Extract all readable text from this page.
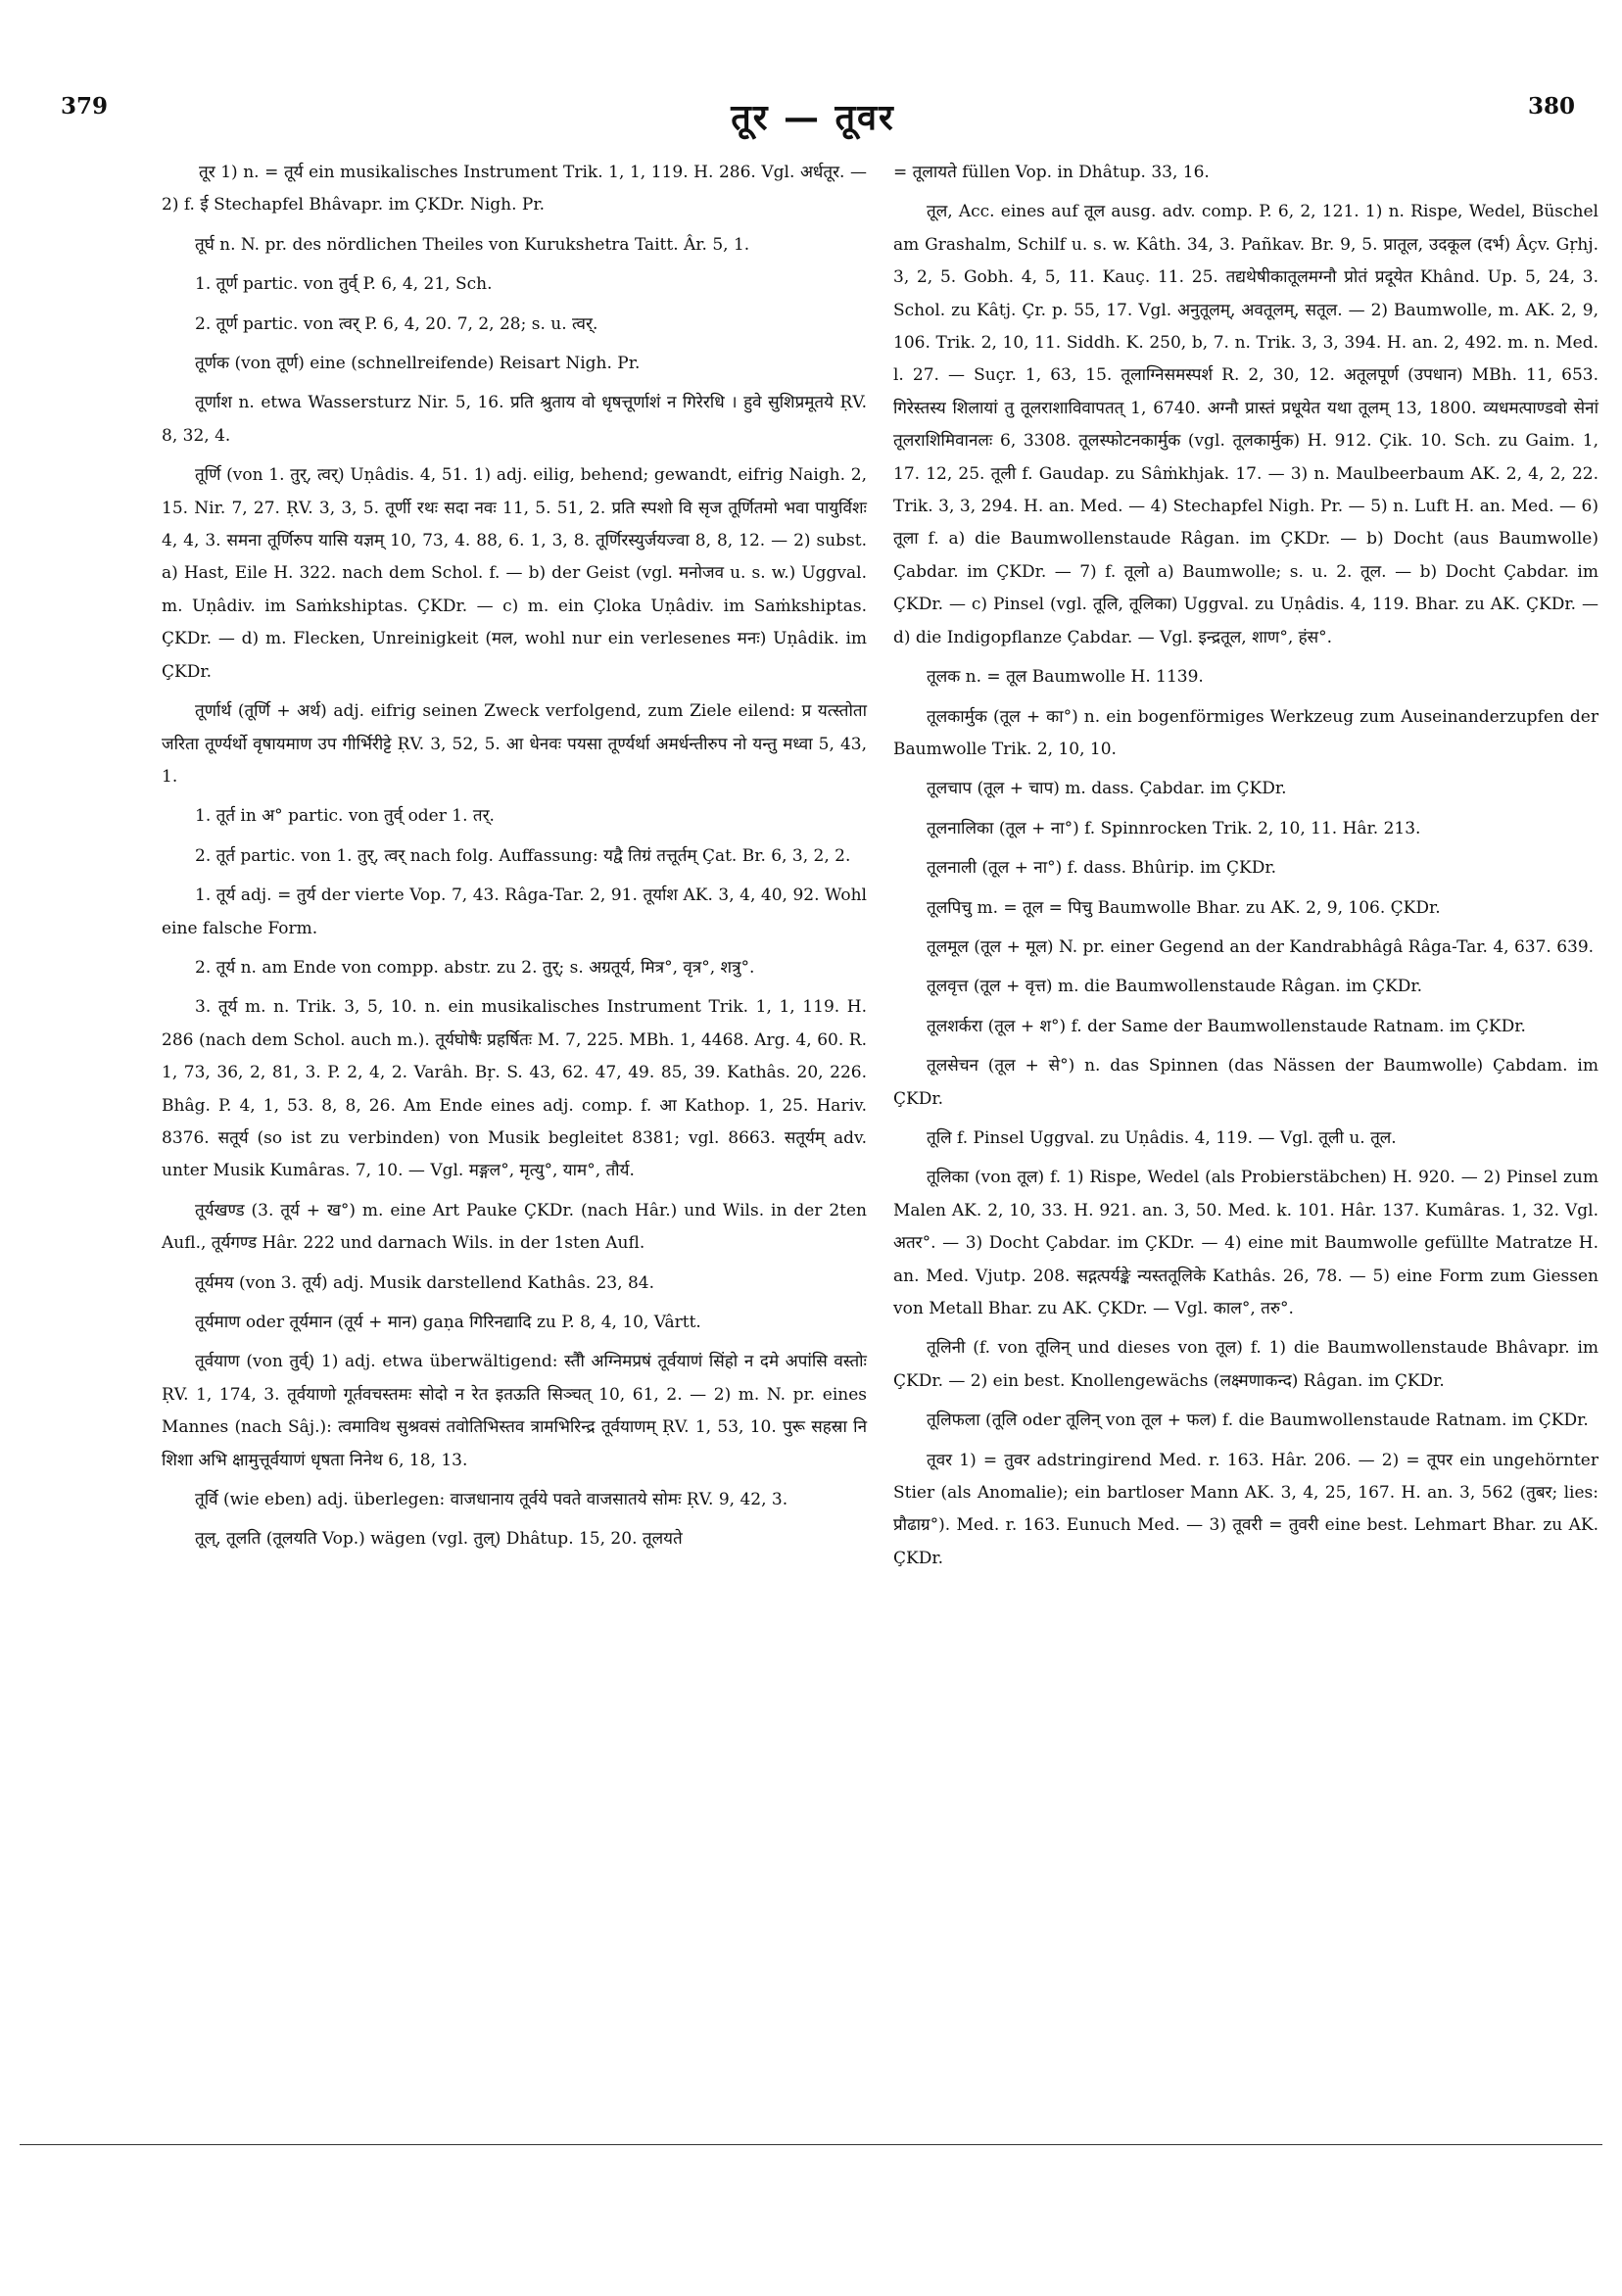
379	तूर — तूवर	380

तूर 1) n. = तूर्य ein musikalisches Instrument Trik. 1, 1, 119. H. 286. Vgl. अर्धतूर. — 2) f. ई Stechapfel Bhâvapr. im ÇKDr. Nigh. Pr.

तूर्घ n. N. pr. des nördlichen Theiles von Kurukshetra Taitt. Âr. 5, 1.

1. तूर्ण partic. von तुर्व् P. 6, 4, 21, Sch.

2. तूर्ण partic. von त्वर् P. 6, 4, 20. 7, 2, 28; s. u. त्वर्.

तूर्णक (von तूर्ण) eine (schnellreifende) Reisart Nigh. Pr.

तूर्णाश n. etwa Wassersturz Nir. 5, 16. प्रति श्रुताय वो धृषत्तूर्णाशं न गिरेरधि । हुवे सुशिप्रमूतये ṚV. 8, 32, 4.

तूर्णि (von 1. तुर्, त्वर्) Uṇâdis. 4, 51. 1) adj. eilig, behend; gewandt, eifrig Naigh. 2, 15. Nir. 7, 27. ṚV. 3, 3, 5. तूर्णी रथः सदा नवः 11, 5. 51, 2. प्रति स्पशो वि सृज तूर्णितमो भवा पायुर्विशः 4, 4, 3. समना तूर्णिरुप यासि यज्ञम् 10, 73, 4. 88, 6. 1, 3, 8. तूर्णिरस्युर्जयज्वा 8, 8, 12. — 2) subst. a) Hast, Eile H. 322. nach dem Schol. f. — b) der Geist (vgl. मनोजव u. s. w.) Uggval. m. Uṇâdiv. im Saṁkshiptas. ÇKDr. — c) m. ein Çloka Uṇâdiv. im Saṁkshiptas. ÇKDr. — d) m. Flecken, Unreinigkeit (मल, wohl nur ein verlesenes मनः) Uṇâdik. im ÇKDr.

तूर्णार्थ (तूर्णि + अर्थ) adj. eifrig seinen Zweck verfolgend, zum Ziele eilend: प्र यत्स्तोता जरिता तूर्ण्यर्थो वृषायमाण उप गीर्भिरीट्टे ṚV. 3, 52, 5. आ धेनवः पयसा तूर्ण्यर्था अमर्धन्तीरुप नो यन्तु मध्वा 5, 43, 1.

1. तूर्त in अ° partic. von तुर्व् oder 1. तर्.

2. तूर्त partic. von 1. तुर्, त्वर् nach folg. Auffassung: यद्वै तिग्रं तत्तूर्तम् Çat. Br. 6, 3, 2, 2.

1. तूर्य adj. = तुर्य der vierte Vop. 7, 43. Râga-Tar. 2, 91. तूर्याश AK. 3, 4, 40, 92. Wohl eine falsche Form.

2. तूर्य n. am Ende von compp. abstr. zu 2. तुर्; s. अग्रतूर्य, मित्र°, वृत्र°, शत्रु°.

3. तूर्य m. n. Trik. 3, 5, 10. n. ein musikalisches Instrument Trik. 1, 1, 119. H. 286 (nach dem Schol. auch m.). तूर्यघोषैः प्रहर्षितः M. 7, 225. MBh. 1, 4468. Arg. 4, 60. R. 1, 73, 36, 2, 81, 3. P. 2, 4, 2. Varâh. Bṛ. S. 43, 62. 47, 49. 85, 39. Kathâs. 20, 226. Bhâg. P. 4, 1, 53. 8, 8, 26. Am Ende eines adj. comp. f. आ Kathop. 1, 25. Hariv. 8376. सतूर्य (so ist zu verbinden) von Musik begleitet 8381; vgl. 8663. सतूर्यम् adv. unter Musik Kumâras. 7, 10. — Vgl. मङ्गल°, मृत्यु°, याम°, तौर्य.

तूर्यखण्ड (3. तूर्य + ख°) m. eine Art Pauke ÇKDr. (nach Hâr.) und Wils. in der 2ten Aufl., तूर्यगण्ड Hâr. 222 und darnach Wils. in der 1sten Aufl.

तूर्यमय (von 3. तूर्य) adj. Musik darstellend Kathâs. 23, 84.

तूर्यमाण oder तूर्यमान (तूर्य + मान) gaṇa गिरिनद्यादि zu P. 8, 4, 10, Vârtt.

तूर्वयाण (von तुर्व्) 1) adj. etwa überwältigend: स्तैौ अग्निमप्रषं तूर्वयाणं सिंहो न दमे अपांसि वस्तोः ṚV. 1, 174, 3. तूर्वयाणो गूर्तवचस्तमः सोदो न रेत इतऊति सिञ्चत् 10, 61, 2. — 2) m. N. pr. eines Mannes (nach Sâj.): त्वमाविथ सुश्रवसं तवोतिभिस्तव त्रामभिरिन्द्र तूर्वयाणम् ṚV. 1, 53, 10. पुरू सहस्रा नि शिशा अभि क्षामुत्तूर्वयाणं धृषता निनेथ 6, 18, 13.

तूर्वि (wie eben) adj. überlegen: वाजधानाय तूर्वये पवते वाजसातये सोमः ṚV. 9, 42, 3.

तूल्, तूलति (तूलयति Vop.) wägen (vgl. तुल्) Dhâtup. 15, 20. तूलयते

= तूलायते füllen Vop. in Dhâtup. 33, 16.

तूल, Acc. eines auf तूल ausg. adv. comp. P. 6, 2, 121. 1) n. Rispe, Wedel, Büschel am Grashalm, Schilf u. s. w. Kâth. 34, 3. Pañkav. Br. 9, 5. प्रातूल, उदकूल (दर्भ) Âçv. Gṛhj. 3, 2, 5. Gobh. 4, 5, 11. Kauç. 11. 25. तद्यथेषीकातूलमग्नौ प्रोतं प्रदूयेत Khând. Up. 5, 24, 3. Schol. zu Kâtj. Çr. p. 55, 17. Vgl. अनुतूलम्, अवतूलम्, सतूल. — 2) Baumwolle, m. AK. 2, 9, 106. Trik. 2, 10, 11. Siddh. K. 250, b, 7. n. Trik. 3, 3, 394. H. an. 2, 492. m. n. Med. l. 27. — Suçr. 1, 63, 15. तूलाग्निसमस्पर्श R. 2, 30, 12. अतूलपूर्ण (उपधान) MBh. 11, 653. गिरेस्तस्य शिलायां तु तूलराशाविवापतत् 1, 6740. अग्नौ प्रास्तं प्रधूयेत यथा तूलम् 13, 1800. व्यधमत्पाण्डवो सेनां तूलराशिमिवानलः 6, 3308. तूलस्फोटनकार्मुक (vgl. तूलकार्मुक) H. 912. Çik. 10. Sch. zu Gaim. 1, 17. 12, 25. तूली f. Gaudap. zu Sâṁkhjak. 17. — 3) n. Maulbeerbaum AK. 2, 4, 2, 22. Trik. 3, 3, 294. H. an. Med. — 4) Stechapfel Nigh. Pr. — 5) n. Luft H. an. Med. — 6) तूला f. a) die Baumwollenstaude Râgan. im ÇKDr. — b) Docht (aus Baumwolle) Çabdar. im ÇKDr. — 7) f. तूलो a) Baumwolle; s. u. 2. तूल. — b) Docht Çabdar. im ÇKDr. — c) Pinsel (vgl. तूलि, तूलिका) Uggval. zu Uṇâdis. 4, 119. Bhar. zu AK. ÇKDr. — d) die Indigopflanze Çabdar. — Vgl. इन्द्रतूल, शाण°, हंस°.

तूलक n. = तूल Baumwolle H. 1139.

तूलकार्मुक (तूल + का°) n. ein bogenförmiges Werkzeug zum Auseinanderzupfen der Baumwolle Trik. 2, 10, 10.

तूलचाप (तूल + चाप) m. dass. Çabdar. im ÇKDr.

तूलनालिका (तूल + ना°) f. Spinnrocken Trik. 2, 10, 11. Hâr. 213.

तूलनाली (तूल + ना°) f. dass. Bhûrip. im ÇKDr.

तूलपिचु m. = तूल = पिचु Baumwolle Bhar. zu AK. 2, 9, 106. ÇKDr.

तूलमूल (तूल + मूल) N. pr. einer Gegend an der Kandrabhâgâ Râga-Tar. 4, 637. 639.

तूलवृत्त (तूल + वृत्त) m. die Baumwollenstaude Râgan. im ÇKDr.

तूलशर्करा (तूल + श°) f. der Same der Baumwollenstaude Ratnam. im ÇKDr.

तूलसेचन (तूल + से°) n. das Spinnen (das Nässen der Baumwolle) Çabdam. im ÇKDr.

तूलि f. Pinsel Uggval. zu Uṇâdis. 4, 119. — Vgl. तूली u. तूल.

तूलिका (von तूल) f. 1) Rispe, Wedel (als Probierstäbchen) H. 920. — 2) Pinsel zum Malen AK. 2, 10, 33. H. 921. an. 3, 50. Med. k. 101. Hâr. 137. Kumâras. 1, 32. Vgl. अतर°. — 3) Docht Çabdar. im ÇKDr. — 4) eine mit Baumwolle gefüllte Matratze H. an. Med. Vjutp. 208. सद्गत्पर्यङ्के न्यस्ततूलिके Kathâs. 26, 78. — 5) eine Form zum Giessen von Metall Bhar. zu AK. ÇKDr. — Vgl. काल°, तरु°.

तूलिनी (f. von तूलिन् und dieses von तूल) f. 1) die Baumwollenstaude Bhâvapr. im ÇKDr. — 2) ein best. Knollengewächs (लक्ष्मणाकन्द) Râgan. im ÇKDr.

तूलिफला (तूलि oder तूलिन् von तूल + फल) f. die Baumwollenstaude Ratnam. im ÇKDr.

तूवर 1) = तुवर adstringirend Med. r. 163. Hâr. 206. — 2) = तूपर ein ungehörnter Stier (als Anomalie); ein bartloser Mann AK. 3, 4, 25, 167. H. an. 3, 562 (तुबर; lies: प्रौढाग्र°). Med. r. 163. Eunuch Med. — 3) तूवरी = तुवरी eine best. Lehmart Bhar. zu AK. ÇKDr.
